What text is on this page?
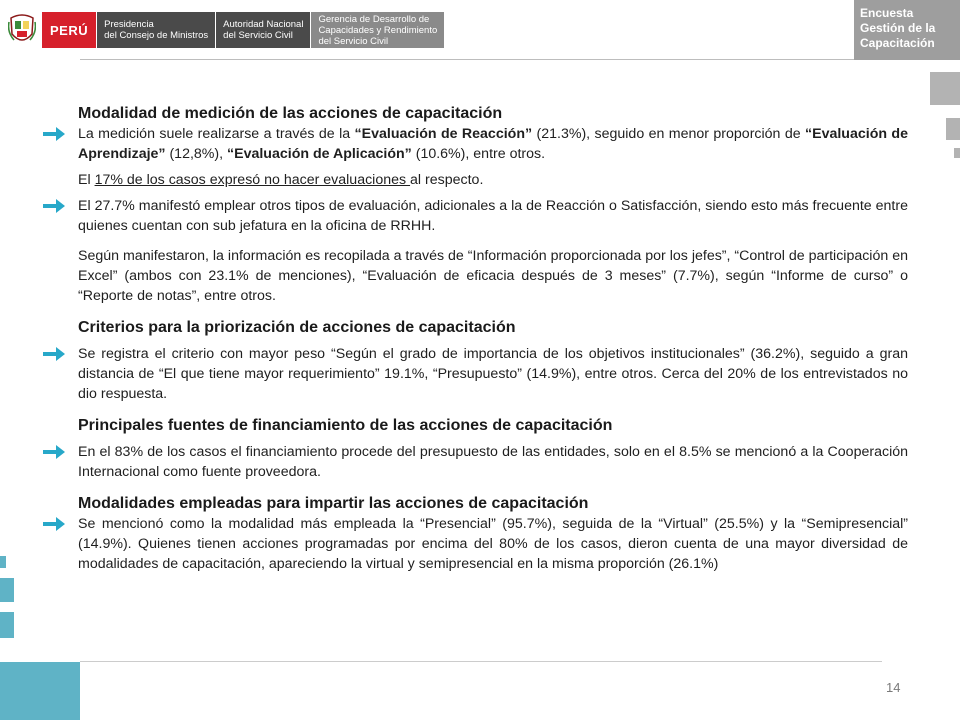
PERÚ	Presidencia
del Consejo de Ministros
Autoridad Nacional
del Servicio Civil
Gerencia de Desarrollo de
Capacidades y Rendimiento
del Servicio Civil
Encuesta
Gestión de la
Capacitación
Modalidad de medición de las acciones de capacitación
La medición suele realizarse a través de la “Evaluación de Reacción” (21.3%), seguido en menor proporción de “Evaluación de Aprendizaje” (12,8%), “Evaluación de Aplicación” (10.6%), entre otros.
El 17% de los casos expresó no hacer evaluaciones al respecto.
El 27.7% manifestó emplear otros tipos de evaluación, adicionales a la de Reacción o Satisfacción, siendo esto más frecuente entre quienes cuentan con sub jefatura en la oficina de RRHH.
Según manifestaron, la información es recopilada a través de “Información proporcionada por los jefes”, “Control de participación en Excel” (ambos con 23.1% de menciones), “Evaluación de eficacia después de 3 meses” (7.7%), según “Informe de curso” o “Reporte de notas”, entre otros.
Criterios para la priorización de acciones de capacitación
Se registra el criterio con mayor peso “Según el grado de importancia de los objetivos institucionales” (36.2%), seguido a gran distancia de “El que tiene mayor requerimiento” 19.1%, “Presupuesto” (14.9%), entre otros. Cerca del 20% de los entrevistados no dio respuesta.
Principales fuentes de financiamiento de las acciones de capacitación
En el 83% de los casos el financiamiento procede del presupuesto de las entidades, solo en el 8.5% se mencionó a la Cooperación Internacional como fuente proveedora.
Modalidades empleadas para impartir las acciones de capacitación
Se mencionó como la modalidad más empleada la “Presencial” (95.7%), seguida de la “Virtual” (25.5%) y la “Semipresencial” (14.9%). Quienes tienen acciones programadas por encima del 80% de los casos, dieron cuenta de una mayor diversidad de modalidades de capacitación, apareciendo la virtual y semipresencial en la misma proporción (26.1%)
14
